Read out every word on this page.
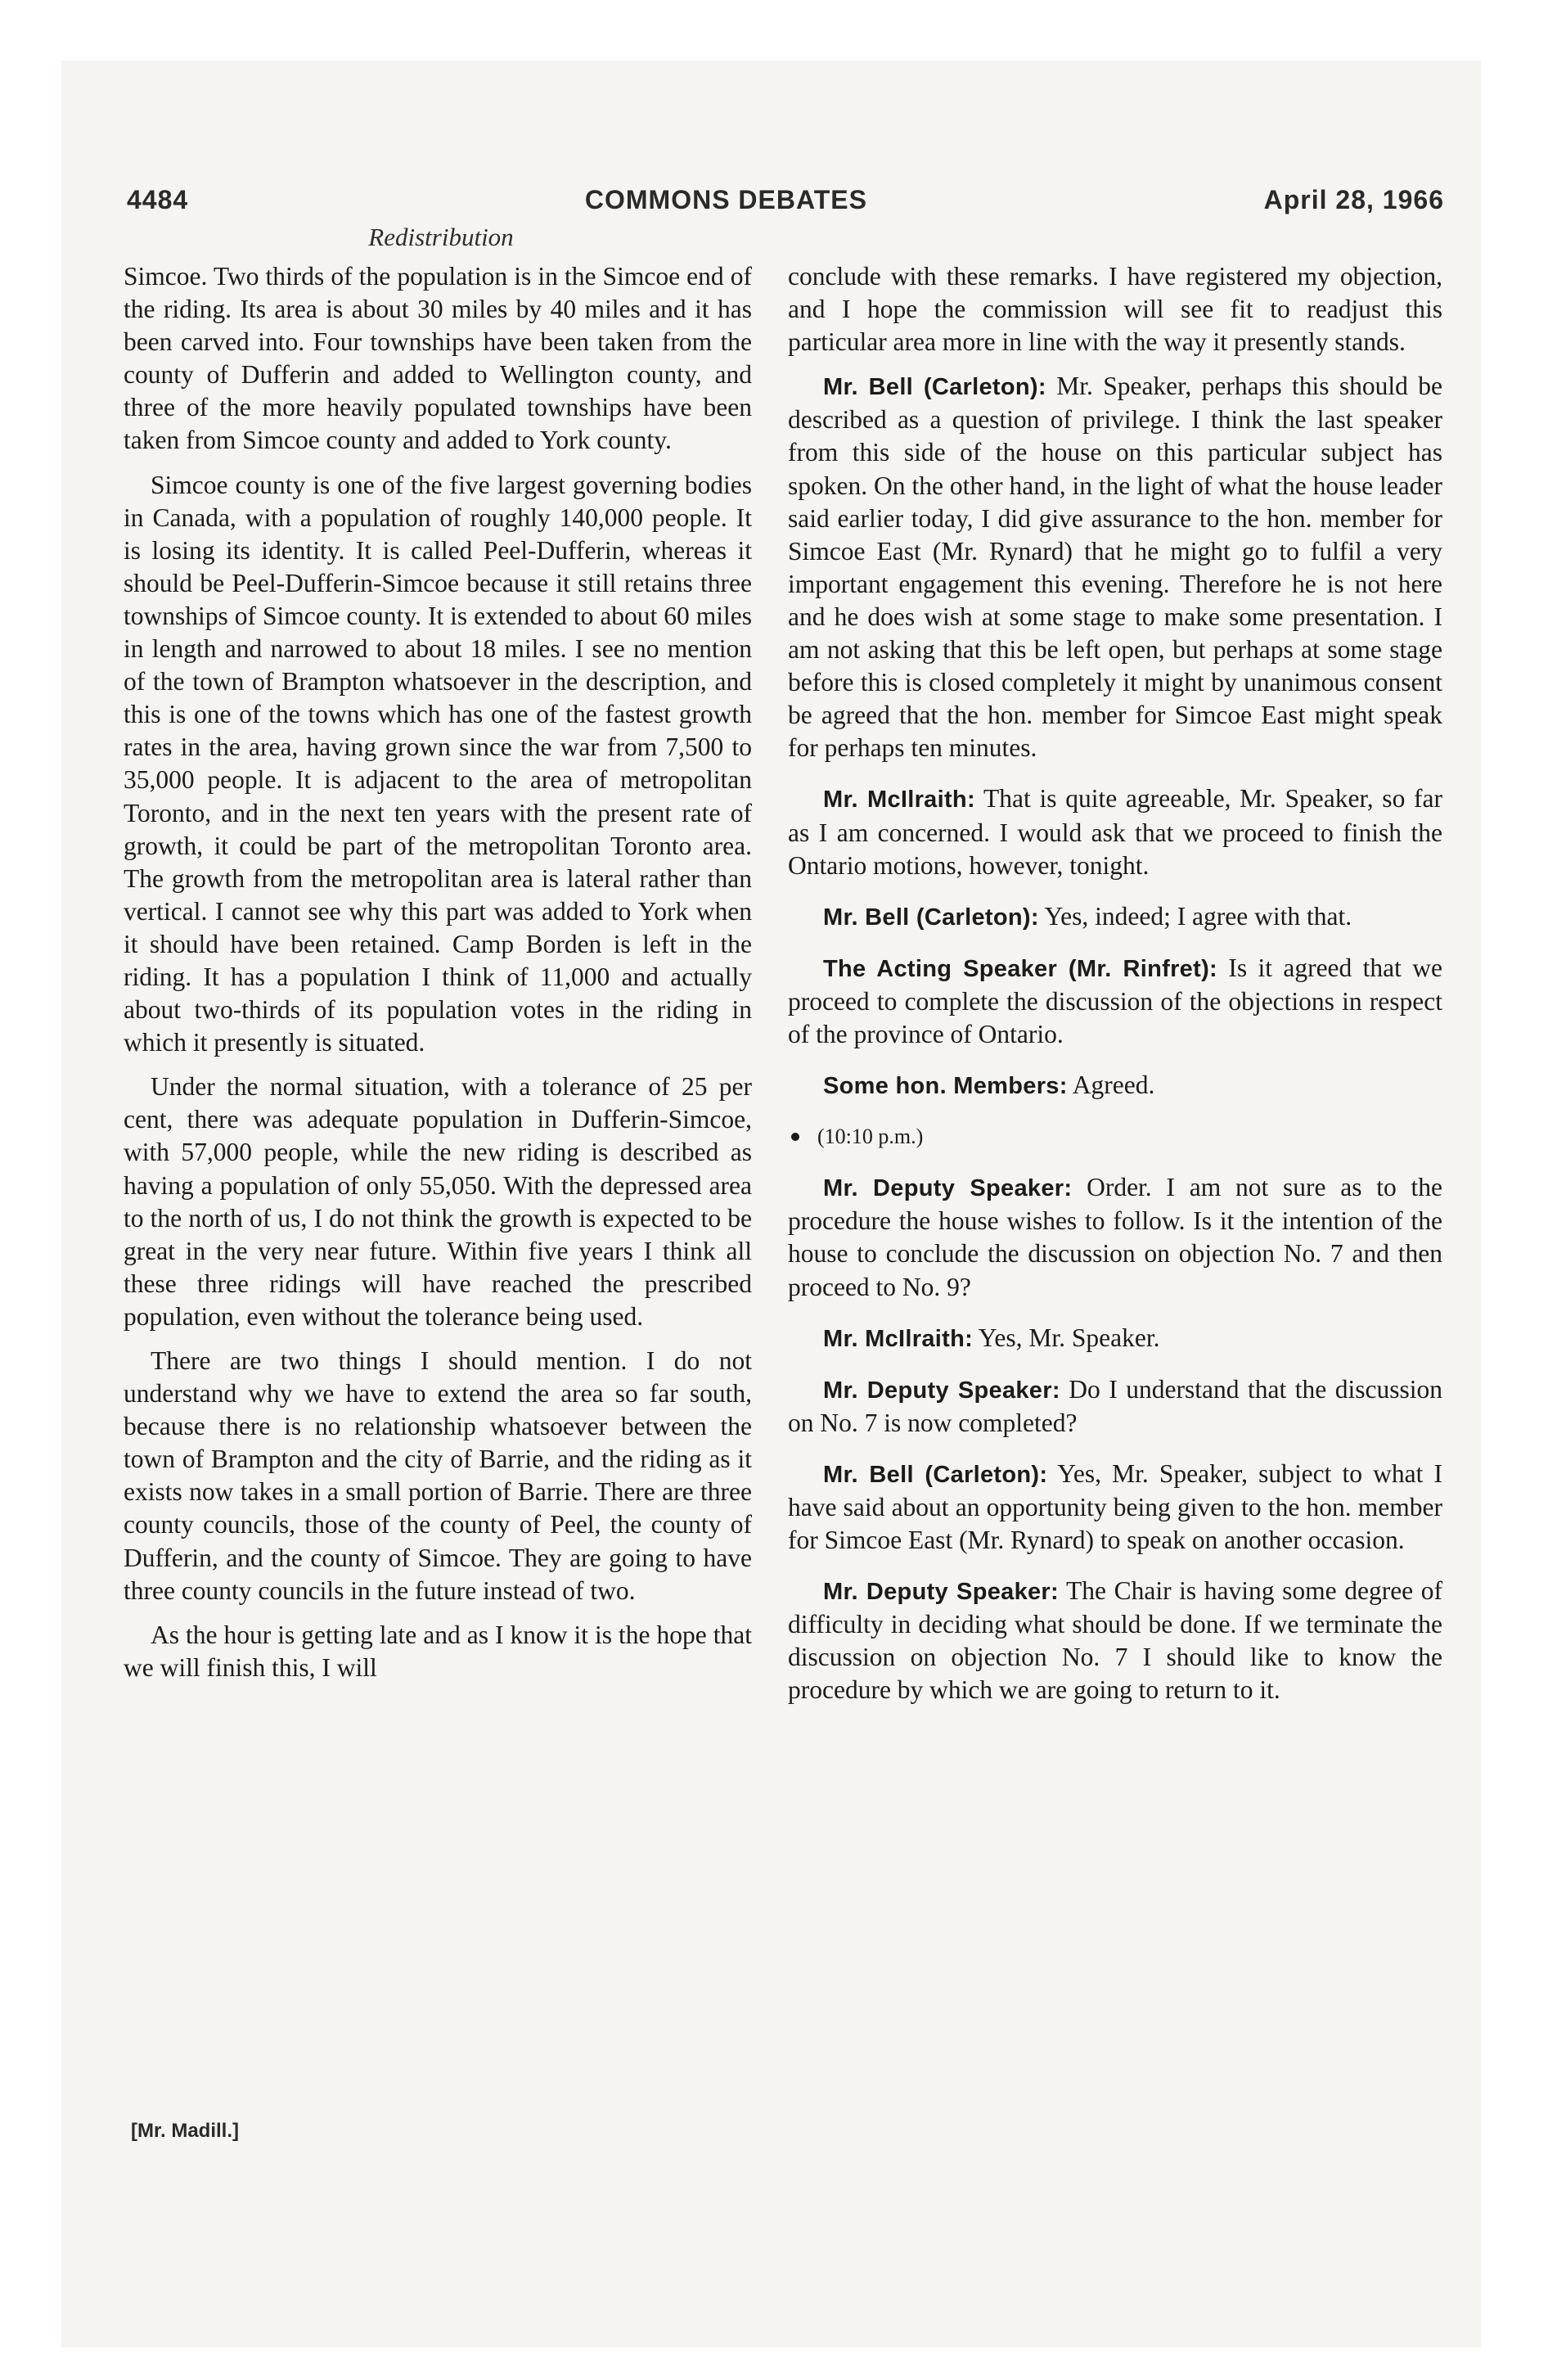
4484	COMMONS DEBATES	April 28, 1966
Redistribution

Simcoe. Two thirds of the population is in the Simcoe end of the riding. Its area is about 30 miles by 40 miles and it has been carved into. Four townships have been taken from the county of Dufferin and added to Wellington county, and three of the more heavily populated townships have been taken from Simcoe county and added to York county.

Simcoe county is one of the five largest governing bodies in Canada, with a population of roughly 140,000 people. It is losing its identity. It is called Peel-Dufferin, whereas it should be Peel-Dufferin-Simcoe because it still retains three townships of Simcoe county. It is extended to about 60 miles in length and narrowed to about 18 miles. I see no mention of the town of Brampton whatsoever in the description, and this is one of the towns which has one of the fastest growth rates in the area, having grown since the war from 7,500 to 35,000 people. It is adjacent to the area of metropolitan Toronto, and in the next ten years with the present rate of growth, it could be part of the metropolitan Toronto area. The growth from the metropolitan area is lateral rather than vertical. I cannot see why this part was added to York when it should have been retained. Camp Borden is left in the riding. It has a population I think of 11,000 and actually about two-thirds of its population votes in the riding in which it presently is situated.

Under the normal situation, with a tolerance of 25 per cent, there was adequate population in Dufferin-Simcoe, with 57,000 people, while the new riding is described as having a population of only 55,050. With the depressed area to the north of us, I do not think the growth is expected to be great in the very near future. Within five years I think all these three ridings will have reached the prescribed population, even without the tolerance being used.

There are two things I should mention. I do not understand why we have to extend the area so far south, because there is no relationship whatsoever between the town of Brampton and the city of Barrie, and the riding as it exists now takes in a small portion of Barrie. There are three county councils, those of the county of Peel, the county of Dufferin, and the county of Simcoe. They are going to have three county councils in the future instead of two.

As the hour is getting late and as I know it is the hope that we will finish this, I will

conclude with these remarks. I have registered my objection, and I hope the commission will see fit to readjust this particular area more in line with the way it presently stands.

Mr. Bell (Carleton): Mr. Speaker, perhaps this should be described as a question of privilege. I think the last speaker from this side of the house on this particular subject has spoken. On the other hand, in the light of what the house leader said earlier today, I did give assurance to the hon. member for Simcoe East (Mr. Rynard) that he might go to fulfil a very important engagement this evening. Therefore he is not here and he does wish at some stage to make some presentation. I am not asking that this be left open, but perhaps at some stage before this is closed completely it might by unanimous consent be agreed that the hon. member for Simcoe East might speak for perhaps ten minutes.

Mr. McIlraith: That is quite agreeable, Mr. Speaker, so far as I am concerned. I would ask that we proceed to finish the Ontario motions, however, tonight.

Mr. Bell (Carleton): Yes, indeed; I agree with that.

The Acting Speaker (Mr. Rinfret): Is it agreed that we proceed to complete the discussion of the objections in respect of the province of Ontario.

Some hon. Members: Agreed.

(10:10 p.m.)

Mr. Deputy Speaker: Order. I am not sure as to the procedure the house wishes to follow. Is it the intention of the house to conclude the discussion on objection No. 7 and then proceed to No. 9?

Mr. McIlraith: Yes, Mr. Speaker.

Mr. Deputy Speaker: Do I understand that the discussion on No. 7 is now completed?

Mr. Bell (Carleton): Yes, Mr. Speaker, subject to what I have said about an opportunity being given to the hon. member for Simcoe East (Mr. Rynard) to speak on another occasion.

Mr. Deputy Speaker: The Chair is having some degree of difficulty in deciding what should be done. If we terminate the discussion on objection No. 7 I should like to know the procedure by which we are going to return to it.

[Mr. Madill.]
